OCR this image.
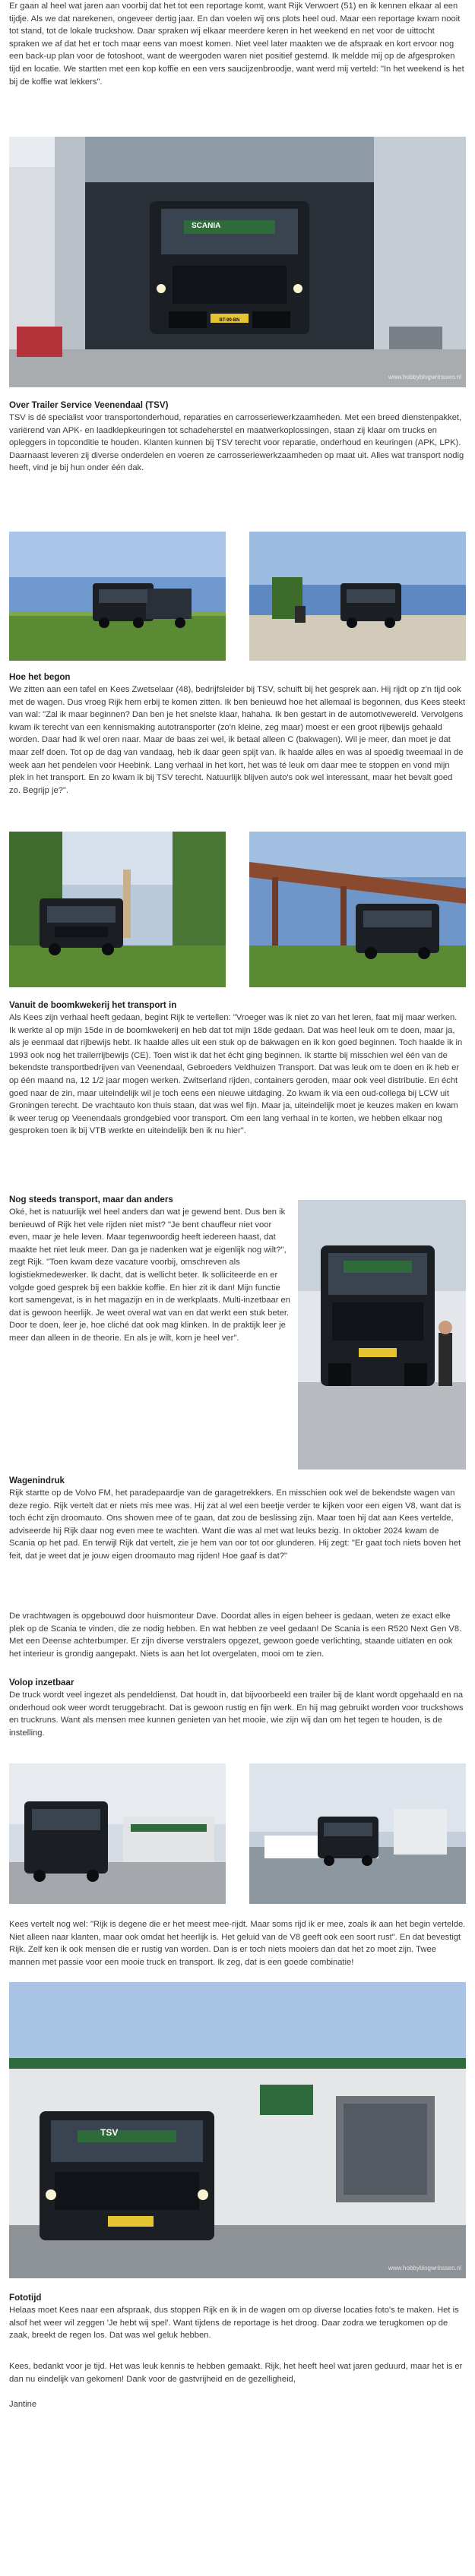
Er gaan al heel wat jaren aan voorbij dat het tot een reportage komt, want Rijk Verwoert (51) en ik kennen elkaar al een tijdje. Als we dat narekenen, ongeveer dertig jaar. En dan voelen wij ons plots heel oud. Maar een reportage kwam nooit tot stand, tot de lokale truckshow. Daar spraken wij elkaar meerdere keren in het weekend en net voor de uittocht spraken we af dat het er toch maar eens van moest komen. Niet veel later maakten we de afspraak en kort ervoor nog een back-up plan voor de fotoshoot, want de weergoden waren niet positief gestemd. Ik meldde mij op de afgesproken tijd en locatie. We startten met een kop koffie en een vers saucijzenbroodje, want werd mij verteld: "In het weekend is het bij de koffie wat lekkers".

www.hobbyblogwrinssen.nl

Over Trailer Service Veenendaal (TSV)

TSV is dé specialist voor transportonderhoud, reparaties en carrosseriewerkzaamheden. Met een breed dienstenpakket, variërend van APK- en laadklepkeuringen tot schadeherstel en maatwerkoplossingen, staan zij klaar om trucks en opleggers in topconditie te houden. Klanten kunnen bij TSV terecht voor reparatie, onderhoud en keuringen (APK, LPK). Daarnaast leveren zij diverse onderdelen en voeren ze carrosseriewerkzaamheden op maat uit. Alles wat transport nodig heeft, vind je bij hun onder één dak.

Hoe het begon

We zitten aan een tafel en Kees Zwetselaar (48), bedrijfsleider bij TSV, schuift bij het gesprek aan. Hij rijdt op z'n tijd ook met de wagen. Dus vroeg Rijk hem erbij te komen zitten. Ik ben benieuwd hoe het allemaal is begonnen, dus Kees steekt van wal: "Zal ik maar beginnen? Dan ben je het snelste klaar, hahaha. Ik ben gestart in de automotivewereld. Vervolgens kwam ik terecht van een kennismaking autotransporter (zo'n kleine, zeg maar) moest er een groot rijbewijs gehaald worden. Daar had ik wel oren naar. Maar de baas zei wel, ik betaal alleen C (bakwagen). Wil je meer, dan moet je dat maar zelf doen. Tot op de dag van vandaag, heb ik daar geen spijt van. Ik haalde alles en was al spoedig tweemaal in de week aan het pendelen voor Heebink. Lang verhaal in het kort, het was té leuk om daar mee te stoppen en vond mijn plek in het transport. En zo kwam ik bij TSV terecht. Natuurlijk blijven auto's ook wel interessant, maar het bevalt goed zo. Begrijp je?".

Vanuit de boomkwekerij het transport in

Als Kees zijn verhaal heeft gedaan, begint Rijk te vertellen: "Vroeger was ik niet zo van het leren, faat mij maar werken. Ik werkte al op mijn 15de in de boomkwekerij en heb dat tot mijn 18de gedaan. Dat was heel leuk om te doen, maar ja, als je eenmaal dat rijbewijs hebt. Ik haalde alles uit een stuk op de bakwagen en ik kon goed beginnen. Toch haalde ik in 1993 ook nog het trailerrijbewijs (CE). Toen wist ik dat het écht ging beginnen. Ik startte bij misschien wel één van de bekendste transportbedrijven van Veenendaal, Gebroeders Veldhuizen Transport. Dat was leuk om te doen en ik heb er op één maand na, 12 1/2 jaar mogen werken. Zwitserland rijden, containers geroden, maar ook veel distributie. En écht goed naar de zin, maar uiteindelijk wil je toch eens een nieuwe uitdaging. Zo kwam ik via een oud-collega bij LCW uit Groningen terecht. De vrachtauto kon thuis staan, dat was wel fijn. Maar ja, uiteindelijk moet je keuzes maken en kwam ik weer terug op Veenendaals grondgebied voor transport. Om een lang verhaal in te korten, we hebben elkaar nog gesproken toen ik bij VTB werkte en uiteindelijk ben ik nu hier".

Nog steeds transport, maar dan anders

Oké, het is natuurlijk wel heel anders dan wat je gewend bent. Dus ben ik benieuwd of Rijk het vele rijden niet mist? "Je bent chauffeur niet voor even, maar je hele leven. Maar tegenwoordig heeft iedereen haast, dat maakte het niet leuk meer. Dan ga je nadenken wat je eigenlijk nog wilt?", zegt Rijk. "Toen kwam deze vacature voorbij, omschreven als logistiekmedewerker. Ik dacht, dat is wellicht beter. Ik solliciteerde en er volgde goed gesprek bij een bakkie koffie. En hier zit ik dan! Mijn functie kort samengevat, is in het magazijn en in de werkplaats. Multi-inzetbaar en dat is gewoon heerlijk. Je weet overal wat van en dat werkt een stuk beter. Door te doen, leer je, hoe cliché dat ook mag klinken. In de praktijk leer je meer dan alleen in de theorie. En als je wilt, kom je heel ver".

Wagenindruk

Rijk startte op de Volvo FM, het paradepaardje van de garagetrekkers. En misschien ook wel de bekendste wagen van deze regio. Rijk vertelt dat er niets mis mee was. Hij zat al wel een beetje verder te kijken voor een eigen V8, want dat is toch écht zijn droomauto. Ons showen mee of te gaan, dat zou de beslissing zijn. Maar toen hij dat aan Kees vertelde, adviseerde hij Rijk daar nog even mee te wachten. Want die was al met wat leuks bezig. In oktober 2024 kwam de Scania op het pad. En terwijl Rijk dat vertelt, zie je hem van oor tot oor glunderen. Hij zegt: "Er gaat toch niets boven het feit, dat je weet dat je jouw eigen droomauto mag rijden! Hoe gaaf is dat?"

De vrachtwagen is opgebouwd door huismonteur Dave. Doordat alles in eigen beheer is gedaan, weten ze exact elke plek op de Scania te vinden, die ze nodig hebben. En wat hebben ze veel gedaan! De Scania is een R520 Next Gen V8. Met een Deense achterbumper. Er zijn diverse verstralers opgezet, gewoon goede verlichting, staande uitlaten en ook het interieur is grondig aangepakt. Niets is aan het lot overgelaten, mooi om te zien.

Volop inzetbaar

De truck wordt veel ingezet als pendeldienst. Dat houdt in, dat bijvoorbeeld een trailer bij de klant wordt opgehaald en na onderhoud ook weer wordt teruggebracht. Dat is gewoon rustig en fijn werk. En hij mag gebruikt worden voor truckshows en truckruns. Want als mensen mee kunnen genieten van het mooie, wie zijn wij dan om het tegen te houden, is de instelling.

Kees vertelt nog wel: "Rijk is degene die er het meest mee-rijdt. Maar soms rijd ik er mee, zoals ik aan het begin vertelde. Niet alleen naar klanten, maar ook omdat het heerlijk is. Het geluid van de V8 geeft ook een soort rust". En dat bevestigt Rijk. Zelf ken ik ook mensen die er rustig van worden. Dan is er toch niets mooiers dan dat het zo moet zijn. Twee mannen met passie voor een mooie truck en transport. Ik zeg, dat is een goede combinatie!

www.hobbyblogwrinssen.nl

Fototijd

Helaas moet Kees naar een afspraak, dus stoppen Rijk en ik in de wagen om op diverse locaties foto's te maken. Het is alsof het weer wil zeggen 'Je hebt wij spel'. Want tijdens de reportage is het droog. Daar zodra we terugkomen op de zaak, breekt de regen los. Dat was wel geluk hebben.

Kees, bedankt voor je tijd. Het was leuk kennis te hebben gemaakt. Rijk, het heeft heel wat jaren geduurd, maar het is er dan nu eindelijk van gekomen! Dank voor de gastvrijheid en de gezelligheid,

Jantine

SCANIA
BT-99-BN
TSV
